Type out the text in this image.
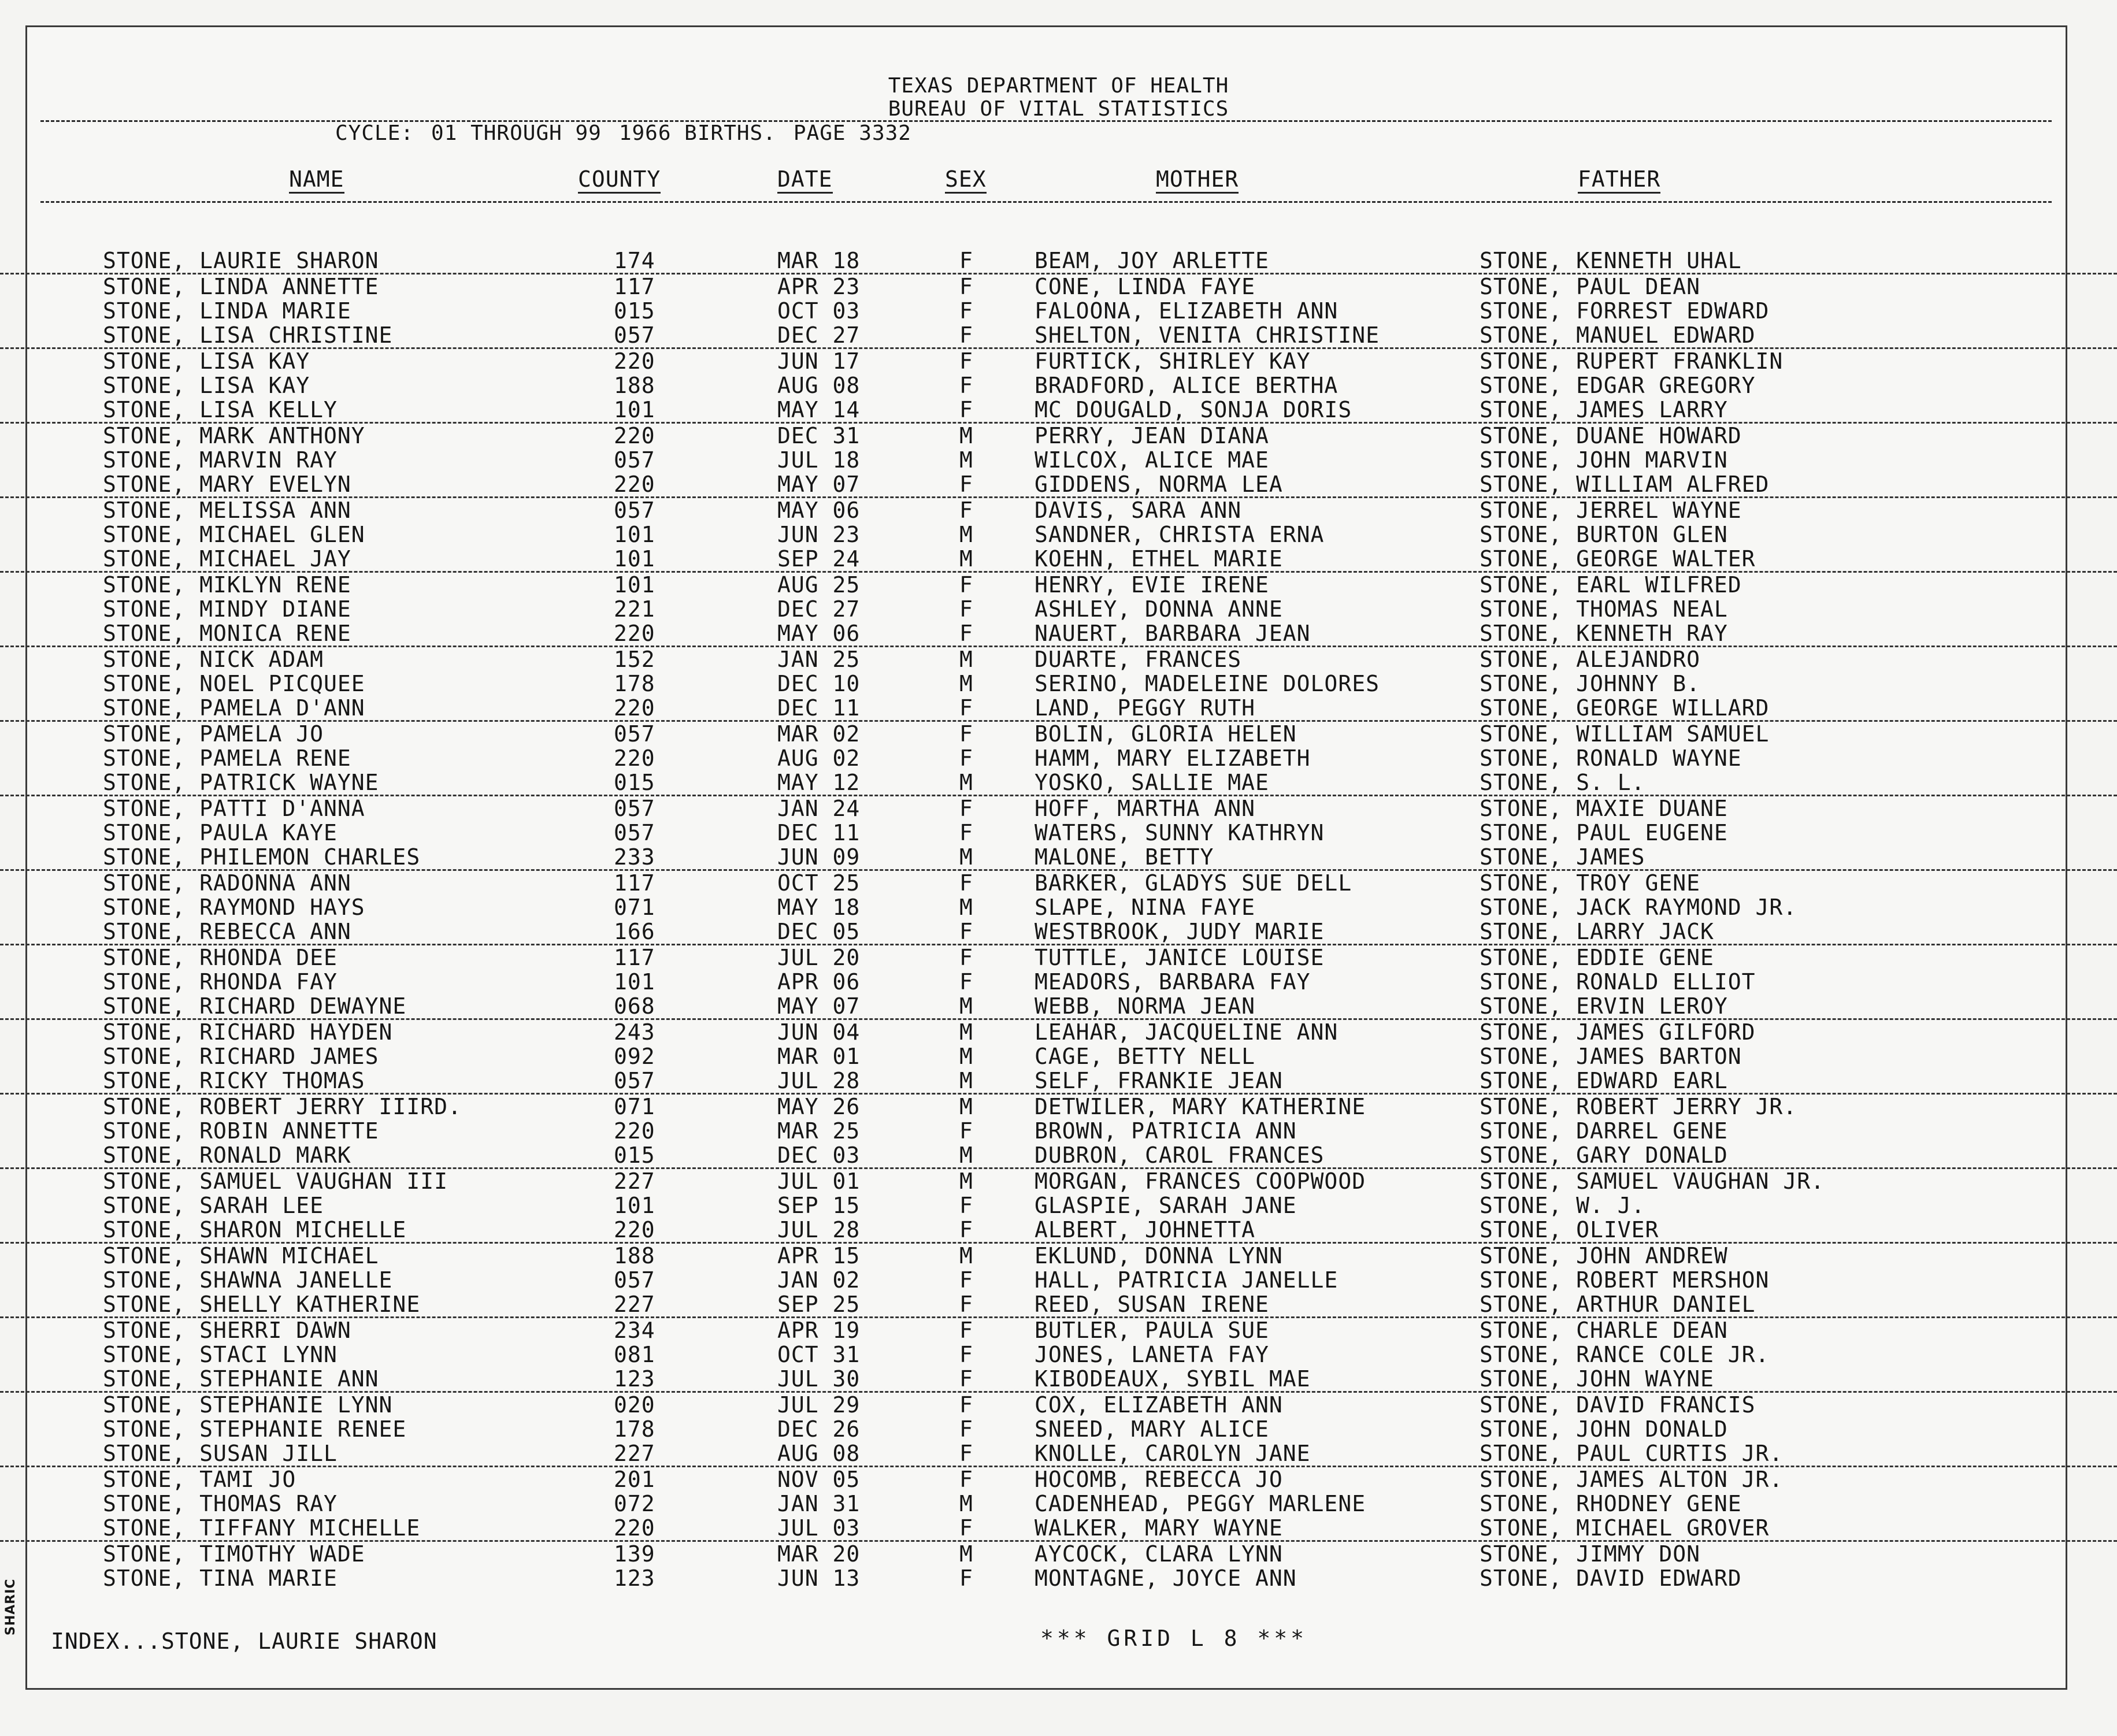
TEXAS DEPARTMENT OF HEALTH
BUREAU OF VITAL STATISTICS
CYCLE: 01 THROUGH 99 1966 BIRTHS. PAGE 3332
NAME	COUNTY	DATE	SEX	MOTHER	FATHER
STONE, LAURIE SHARON	174	MAR 18	F	BEAM, JOY ARLETTE	STONE, KENNETH UHAL
STONE, LINDA ANNETTE	117	APR 23	F	CONE, LINDA FAYE	STONE, PAUL DEAN
STONE, LINDA MARIE	015	OCT 03	F	FALOONA, ELIZABETH ANN	STONE, FORREST EDWARD
STONE, LISA CHRISTINE	057	DEC 27	F	SHELTON, VENITA CHRISTINE	STONE, MANUEL EDWARD
STONE, LISA KAY	220	JUN 17	F	FURTICK, SHIRLEY KAY	STONE, RUPERT FRANKLIN
STONE, LISA KAY	188	AUG 08	F	BRADFORD, ALICE BERTHA	STONE, EDGAR GREGORY
STONE, LISA KELLY	101	MAY 14	F	MC DOUGALD, SONJA DORIS	STONE, JAMES LARRY
STONE, MARK ANTHONY	220	DEC 31	M	PERRY, JEAN DIANA	STONE, DUANE HOWARD
STONE, MARVIN RAY	057	JUL 18	M	WILCOX, ALICE MAE	STONE, JOHN MARVIN
STONE, MARY EVELYN	220	MAY 07	F	GIDDENS, NORMA LEA	STONE, WILLIAM ALFRED
STONE, MELISSA ANN	057	MAY 06	F	DAVIS, SARA ANN	STONE, JERREL WAYNE
STONE, MICHAEL GLEN	101	JUN 23	M	SANDNER, CHRISTA ERNA	STONE, BURTON GLEN
STONE, MICHAEL JAY	101	SEP 24	M	KOEHN, ETHEL MARIE	STONE, GEORGE WALTER
STONE, MIKLYN RENE	101	AUG 25	F	HENRY, EVIE IRENE	STONE, EARL WILFRED
STONE, MINDY DIANE	221	DEC 27	F	ASHLEY, DONNA ANNE	STONE, THOMAS NEAL
STONE, MONICA RENE	220	MAY 06	F	NAUERT, BARBARA JEAN	STONE, KENNETH RAY
STONE, NICK ADAM	152	JAN 25	M	DUARTE, FRANCES	STONE, ALEJANDRO
STONE, NOEL PICQUEE	178	DEC 10	M	SERINO, MADELEINE DOLORES	STONE, JOHNNY B.
STONE, PAMELA D'ANN	220	DEC 11	F	LAND, PEGGY RUTH	STONE, GEORGE WILLARD
STONE, PAMELA JO	057	MAR 02	F	BOLIN, GLORIA HELEN	STONE, WILLIAM SAMUEL
STONE, PAMELA RENE	220	AUG 02	F	HAMM, MARY ELIZABETH	STONE, RONALD WAYNE
STONE, PATRICK WAYNE	015	MAY 12	M	YOSKO, SALLIE MAE	STONE, S. L.
STONE, PATTI D'ANNA	057	JAN 24	F	HOFF, MARTHA ANN	STONE, MAXIE DUANE
STONE, PAULA KAYE	057	DEC 11	F	WATERS, SUNNY KATHRYN	STONE, PAUL EUGENE
STONE, PHILEMON CHARLES	233	JUN 09	M	MALONE, BETTY	STONE, JAMES
STONE, RADONNA ANN	117	OCT 25	F	BARKER, GLADYS SUE DELL	STONE, TROY GENE
STONE, RAYMOND HAYS	071	MAY 18	M	SLAPE, NINA FAYE	STONE, JACK RAYMOND JR.
STONE, REBECCA ANN	166	DEC 05	F	WESTBROOK, JUDY MARIE	STONE, LARRY JACK
STONE, RHONDA DEE	117	JUL 20	F	TUTTLE, JANICE LOUISE	STONE, EDDIE GENE
STONE, RHONDA FAY	101	APR 06	F	MEADORS, BARBARA FAY	STONE, RONALD ELLIOT
STONE, RICHARD DEWAYNE	068	MAY 07	M	WEBB, NORMA JEAN	STONE, ERVIN LEROY
STONE, RICHARD HAYDEN	243	JUN 04	M	LEAHAR, JACQUELINE ANN	STONE, JAMES GILFORD
STONE, RICHARD JAMES	092	MAR 01	M	CAGE, BETTY NELL	STONE, JAMES BARTON
STONE, RICKY THOMAS	057	JUL 28	M	SELF, FRANKIE JEAN	STONE, EDWARD EARL
STONE, ROBERT JERRY IIIRD.	071	MAY 26	M	DETWILER, MARY KATHERINE	STONE, ROBERT JERRY JR.
STONE, ROBIN ANNETTE	220	MAR 25	F	BROWN, PATRICIA ANN	STONE, DARREL GENE
STONE, RONALD MARK	015	DEC 03	M	DUBRON, CAROL FRANCES	STONE, GARY DONALD
STONE, SAMUEL VAUGHAN III	227	JUL 01	M	MORGAN, FRANCES COOPWOOD	STONE, SAMUEL VAUGHAN JR.
STONE, SARAH LEE	101	SEP 15	F	GLASPIE, SARAH JANE	STONE, W. J.
STONE, SHARON MICHELLE	220	JUL 28	F	ALBERT, JOHNETTA	STONE, OLIVER
STONE, SHAWN MICHAEL	188	APR 15	M	EKLUND, DONNA LYNN	STONE, JOHN ANDREW
STONE, SHAWNA JANELLE	057	JAN 02	F	HALL, PATRICIA JANELLE	STONE, ROBERT MERSHON
STONE, SHELLY KATHERINE	227	SEP 25	F	REED, SUSAN IRENE	STONE, ARTHUR DANIEL
STONE, SHERRI DAWN	234	APR 19	F	BUTLER, PAULA SUE	STONE, CHARLE DEAN
STONE, STACI LYNN	081	OCT 31	F	JONES, LANETA FAY	STONE, RANCE COLE JR.
STONE, STEPHANIE ANN	123	JUL 30	F	KIBODEAUX, SYBIL MAE	STONE, JOHN WAYNE
STONE, STEPHANIE LYNN	020	JUL 29	F	COX, ELIZABETH ANN	STONE, DAVID FRANCIS
STONE, STEPHANIE RENEE	178	DEC 26	F	SNEED, MARY ALICE	STONE, JOHN DONALD
STONE, SUSAN JILL	227	AUG 08	F	KNOLLE, CAROLYN JANE	STONE, PAUL CURTIS JR.
STONE, TAMI JO	201	NOV 05	F	HOCOMB, REBECCA JO	STONE, JAMES ALTON JR.
STONE, THOMAS RAY	072	JAN 31	M	CADENHEAD, PEGGY MARLENE	STONE, RHODNEY GENE
STONE, TIFFANY MICHELLE	220	JUL 03	F	WALKER, MARY WAYNE	STONE, MICHAEL GROVER
STONE, TIMOTHY WADE	139	MAR 20	M	AYCOCK, CLARA LYNN	STONE, JIMMY DON
STONE, TINA MARIE	123	JUN 13	F	MONTAGNE, JOYCE ANN	STONE, DAVID EDWARD
INDEX...STONE, LAURIE SHARON	*** GRID L 8 ***
SHARIC
